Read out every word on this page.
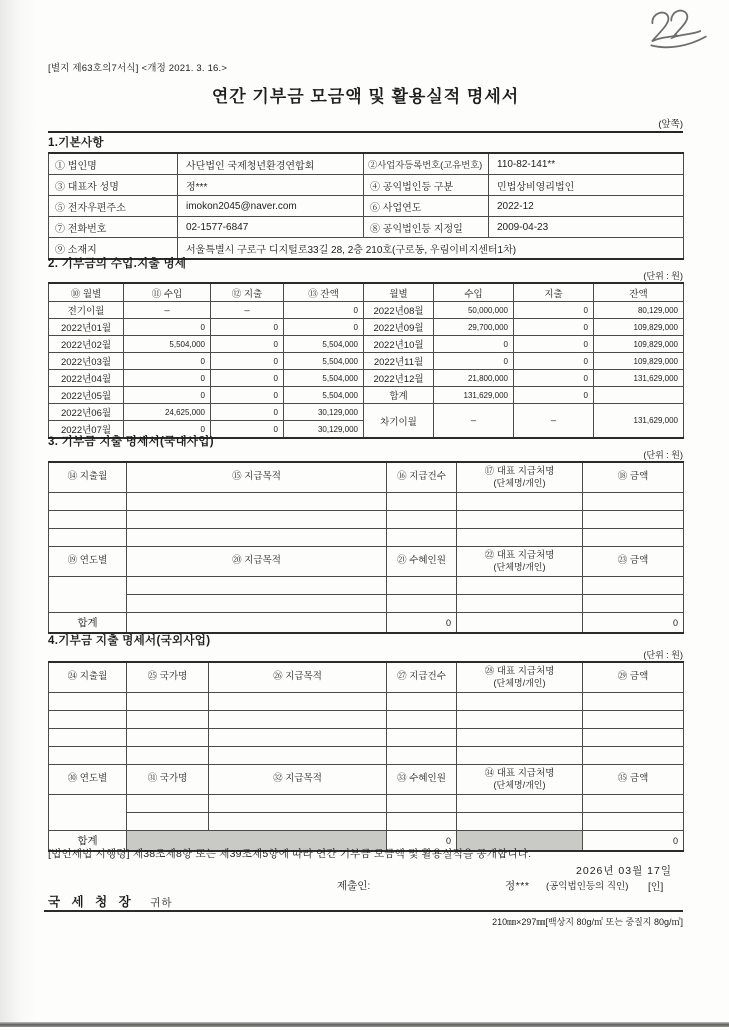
[별지 제63호의7서식] <개정 2021. 3. 16.>
연간 기부금 모금액 및 활용실적 명세서
(앞쪽)
1.기본사항
① 법인명	사단법인 국제청년환경연합회	②사업자등록번호(고유번호)	110-82-141**
③ 대표자 성명	정***	④ 공익법인등 구분	민법상비영리법인
⑤ 전자우편주소	imokon2045@naver.com	⑥ 사업연도	2022-12
⑦ 전화번호	02-1577-6847	⑧ 공익법인등 지정일	2009-04-23
⑨ 소재지	서울특별시 구로구 디지털로33길 28, 2층 210호(구로동, 우림이비지센터1차)		
2. 기부금의 수입.지출 명세
(단위 : 원)
⑩ 월별	⑪ 수입	⑫ 지출	⑬ 잔액	월별	수입	지출	잔액
전기이월	–	–	0	2022년08월	50,000,000	0	80,129,000
2022년01월	0	0	0	2022년09월	29,700,000	0	109,829,000
2022년02월	5,504,000	0	5,504,000	2022년10월	0	0	109,829,000
2022년03월	0	0	5,504,000	2022년11월	0	0	109,829,000
2022년04월	0	0	5,504,000	2022년12월	21,800,000	0	131,629,000
2022년05월	0	0	5,504,000	합계	131,629,000	0	
2022년06월	24,625,000	0	30,129,000	차기이월	–	–	131,629,000
2022년07월	0	0	30,129,000				
3. 기부금 지출 명세서(국내사업)
(단위 : 원)
⑭ 지출월	⑮ 지급목적	⑯ 지급건수	⑰ 대표 지급처명
(단체명/개인)	⑱ 금액

⑲ 연도별	⑳ 지급목적	㉑ 수혜인원	㉒ 대표 지급처명
(단체명/개인)	㉓ 금액

합계		0		0
4.기부금 지출 명세서(국외사업)
(단위 : 원)
㉔ 지출월	㉕ 국가명	㉖ 지급목적	㉗ 지급건수	㉘ 대표 지급처명
(단체명/개인)	㉙ 금액

㉚ 연도별	㉛ 국가명	㉜ 지급목적	㉝ 수혜인원	㉞ 대표 지급처명
(단체명/개인)	㉟ 금액

합계			0		0
[법인세법 시행령] 제38조제8항 또는 제39조제5항에 따라 연간 기부금 모금액 및 활용실적을 공개합니다.
2026년 03월 17일
제출인:	정*** (공익법인등의 직인) [인]
국 세 청 장 귀하
210㎜×297㎜[백상지 80g/㎡ 또는 중질지 80g/㎡]
